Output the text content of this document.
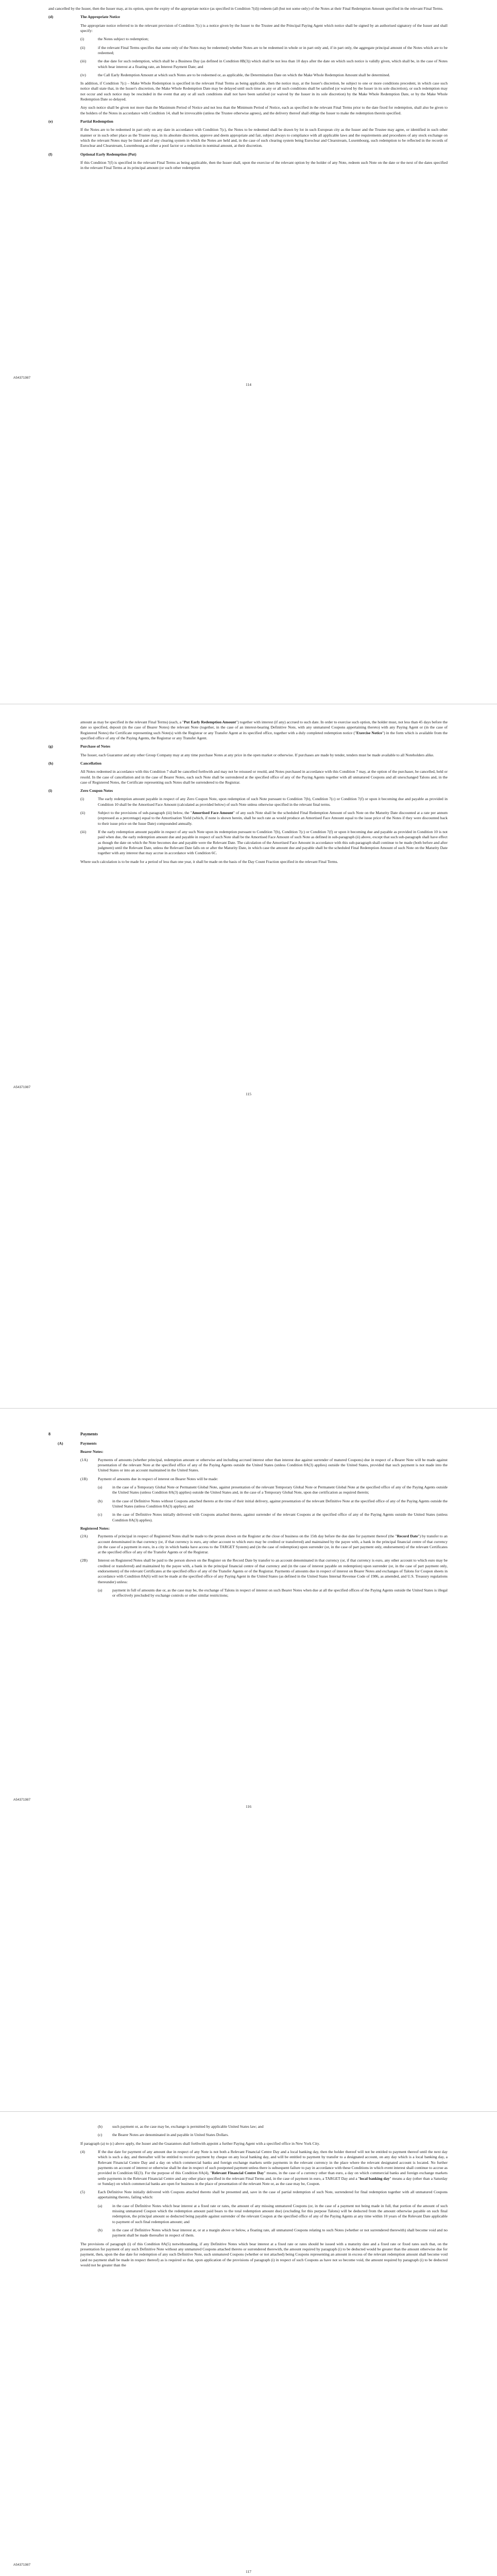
and cancelled by the Issuer, then the Issuer may, at its option, upon the expiry of the appropriate notice (as specified in Condition 7(d)) redeem (all (but not some only) of the Notes at their Final Redemption Amount specified in the relevant Final Terms.

(d)	The Appropriate Notice

The appropriate notice referred to in the relevant provision of Condition 7(c) is a notice given by the Issuer to the Trustee and the Principal Paying Agent which notice shall be signed by an authorised signatory of the Issuer and shall specify:

(i)	the Notes subject to redemption;
(ii)	if the relevant Final Terms specifies that some only of the Notes may be redeemed) whether Notes are to be redeemed in whole or in part only and, if in part only, the aggregate principal amount of the Notes which are to be redeemed;
(iii)	the due date for such redemption, which shall be a Business Day (as defined in Condition 8B(3)) which shall be not less than 10 days after the date on which such notice is validly given, which shall be, in the case of Notes which bear interest at a floating rate, an Interest Payment Date; and
(iv)	the Call Early Redemption Amount at which such Notes are to be redeemed or, as applicable, the Determination Date on which the Make Whole Redemption Amount shall be determined.

In addition, if Condition 7(c) – Make Whole Redemption is specified in the relevant Final Terms as being applicable, then the notice may, at the Issuer's discretion, be subject to one or more conditions precedent, in which case such notice shall state that, in the Issuer's discretion, the Make Whole Redemption Date may be delayed until such time as any or all such conditions shall be satisfied (or waived by the Issuer in its sole discretion), or such redemption may not occur and such notice may be rescinded in the event that any or all such conditions shall not have been satisfied (or waived by the Issuer in its sole discretion) by the Make Whole Redemption Date, or by the Make Whole Redemption Date so delayed.

Any such notice shall be given not more than the Maximum Period of Notice and not less than the Minimum Period of Notice, each as specified in the relevant Final Terms prior to the date fixed for redemption, shall also be given to the holders of the Notes in accordance with Condition 14, shall be irrevocable (unless the Trustee otherwise agrees), and the delivery thereof shall oblige the Issuer to make the redemption therein specified.

(e)	Partial Redemption

If the Notes are to be redeemed in part only on any date in accordance with Condition 7(c), the Notes to be redeemed shall be drawn by lot in such European city as the Issuer and the Trustee may agree, or identified in such other manner or in such other place as the Trustee may, in its absolute discretion, approve and deem appropriate and fair, subject always to compliance with all applicable laws and the requirements and procedures of any stock exchange on which the relevant Notes may be listed and of any clearing system in which the Notes are held and, in the case of such clearing system being Euroclear and Clearstream, Luxembourg, such redemption to be reflected in the records of Euroclear and Clearstream, Luxembourg as either a pool factor or a reduction in nominal amount, at their discretion.

(f)	Optional Early Redemption (Put)

If this Condition 7(f) is specified in the relevant Final Terms as being applicable, then the Issuer shall, upon the exercise of the relevant option by the holder of any Note, redeem such Note on the date or the next of the dates specified in the relevant Final Terms at its principal amount (or such other redemption

A54371987
114

amount as may be specified in the relevant Final Terms) (each, a "Put Early Redemption Amount") together with interest (if any) accrued to such date. In order to exercise such option, the holder must, not less than 45 days before the date so specified, deposit (in the case of Bearer Notes) the relevant Note (together, in the case of an interest-bearing Definitive Note, with any unmatured Coupons appertaining thereto) with any Paying Agent or (in the case of Registered Notes) the Certificate representing such Note(s) with the Registrar or any Transfer Agent at its specified office, together with a duly completed redemption notice ("Exercise Notice") in the form which is available from the specified office of any of the Paying Agents, the Registrar or any Transfer Agent.

(g)	Purchase of Notes

The Issuer, each Guarantor and any other Group Company may at any time purchase Notes at any price in the open market or otherwise. If purchases are made by tender, tenders must be made available to all Noteholders alike.

(h)	Cancellation

All Notes redeemed in accordance with this Condition 7 shall be cancelled forthwith and may not be reissued or resold, and Notes purchased in accordance with this Condition 7 may, at the option of the purchaser, be cancelled, held or resold. In the case of cancellation and in the case of Bearer Notes, each such Note shall be surrendered at the specified office of any of the Paying Agents together with all unmatured Coupons and all unexchanged Talons and, in the case of Registered Notes, the Certificate representing such Notes shall be surrendered to the Registrar.

(i)	Zero Coupon Notes
(i)	The early redemption amount payable in respect of any Zero Coupon Note, upon redemption of such Note pursuant to Condition 7(b), Condition 7(c) or Condition 7(f) or upon it becoming due and payable as provided in Condition 10 shall be the Amortised Face Amount (calculated as provided below) of such Note unless otherwise specified in the relevant final terms.
(ii)	Subject to the provisions of sub-paragraph (iii) below, the "Amortised Face Amount" of any such Note shall be the scheduled Final Redemption Amount of such Note on the Maturity Date discounted at a rate per annum (expressed as a percentage) equal to the Amortisation Yield (which, if none is shown herein, shall be such rate as would produce an Amortised Face Amount equal to the issue price of the Notes if they were discounted back to their issue price on the Issue Date) compounded annually.
(iii)	If the early redemption amount payable in respect of any such Note upon its redemption pursuant to Condition 7(b), Condition 7(c) or Condition 7(f) or upon it becoming due and payable as provided in Condition 10 is not paid when due, the early redemption amount due and payable in respect of such Note shall be the Amortised Face Amount of such Note as defined in sub-paragraph (ii) above, except that such sub-paragraph shall have effect as though the date on which the Note becomes due and payable were the Relevant Date. The calculation of the Amortised Face Amount in accordance with this sub-paragraph shall continue to be made (both before and after judgment) until the Relevant Date, unless the Relevant Date falls on or after the Maturity Date, in which case the amount due and payable shall be the scheduled Final Redemption Amount of such Note on the Maturity Date together with any interest that may accrue in accordance with Condition 6C.

Where such calculation is to be made for a period of less than one year, it shall be made on the basis of the Day Count Fraction specified in the relevant Final Terms.

A54371987
115
8	Payments
(A)	Payments
Bearer Notes:
(1A)	Payments of amounts (whether principal, redemption amount or otherwise and including accrued interest other than interest due against surrender of matured Coupons) due in respect of a Bearer Note will be made against presentation of the relevant Note at the specified office of any of the Paying Agents outside the United States (unless Condition 8A(3) applies) outside the United States, provided that such payment is not made into the United States or into an account maintained in the United States.
(1B)	Payment of amounts due in respect of interest on Bearer Notes will be made:
(a)	in the case of a Temporary Global Note or Permanent Global Note, against presentation of the relevant Temporary Global Note or Permanent Global Note at the specified office of any of the Paying Agents outside the United States (unless Condition 8A(3) applies) outside the United States and, in the case of a Temporary Global Note, upon due certification as required therein;
(b)	in the case of Definitive Notes without Coupons attached thereto at the time of their initial delivery, against presentation of the relevant Definitive Note at the specified office of any of the Paying Agents outside the United States (unless Condition 8A(3) applies); and
(c)	in the case of Definitive Notes initially delivered with Coupons attached thereto, against surrender of the relevant Coupons at the specified office of any of the Paying Agents outside the United States (unless Condition 8A(3) applies).
Registered Notes:
(2A)	Payments of principal in respect of Registered Notes shall be made to the person shown on the Register at the close of business on the 15th day before the due date for payment thereof (the "Record Date") by transfer to an account denominated in that currency (or, if that currency is euro, any other account to which euro may be credited or transferred) and maintained by the payee with, a bank in the principal financial centre of that currency (in the case of a payment in euro, in a city in which banks have access to the TARGET System) and (in the case of redemption) upon surrender (or, in the case of part payment only, endorsement) of the relevant Certificates at the specified office of any of the Transfer Agents or of the Registrar.
(2B)	Interest on Registered Notes shall be paid to the person shown on the Register on the Record Date by transfer to an account denominated in that currency (or, if that currency is euro, any other account to which euro may be credited or transferred) and maintained by the payee with, a bank in the principal financial centre of that currency and (in the case of interest payable on redemption) upon surrender (or, in the case of part payment only, endorsement) of the relevant Certificates at the specified office of any of the Transfer Agents or of the Registrar. Payments of amounts due in respect of interest on Bearer Notes and exchanges of Talons for Coupon sheets in accordance with Condition 8A(6) will not be made at the specified office of any Paying Agent in the United States (as defined in the United States Internal Revenue Code of 1986, as amended, and U.S. Treasury regulations thereunder) unless:
(a)	payment in full of amounts due or, as the case may be, the exchange of Talons in respect of interest on such Bearer Notes when due at all the specified offices of the Paying Agents outside the United States is illegal or effectively precluded by exchange controls or other similar restrictions;
A54371987
116
(b)	such payment or, as the case may be, exchange is permitted by applicable United States law; and
(c)	the Bearer Notes are denominated in and payable in United States Dollars.

If paragraph (a) to (c) above apply, the Issuer and the Guarantors shall forthwith appoint a further Paying Agent with a specified office in New York City.

(4)	If the due date for payment of any amount due in respect of any Note is not both a Relevant Financial Centre Day and a local banking day, then the holder thereof will not be entitled to payment thereof until the next day which is such a day, and thereafter will be entitled to receive payment by cheque on any local banking day, and will be entitled to payment by transfer to a designated account, on any day which is a local banking day, a Relevant Financial Centre Day and a day on which commercial banks and foreign exchange markets settle payments in the relevant currency in the place where the relevant designated account is located. No further payments on account of interest or otherwise shall be due in respect of such postponed payment unless there is subsequent failure to pay in accordance with these Conditions in which event interest shall continue to accrue as provided in Condition 6E(3). For the purpose of this Condition 8A(4), "Relevant Financial Centre Day" means, in the case of a currency other than euro, a day on which commercial banks and foreign exchange markets settle payments in the Relevant Financial Centre and any other place specified in the relevant Final Terms and, in the case of payment in euro, a TARGET Day and a "local banking day" means a day (other than a Saturday or Sunday) on which commercial banks are open for business in the place of presentation of the relevant Note or, as the case may be, Coupon.
(5)	Each Definitive Note initially delivered with Coupons attached thereto shall be presented and, save in the case of partial redemption of such Note, surrendered for final redemption together with all unmatured Coupons appertaining thereto, failing which:
(a)	in the case of Definitive Notes which bear interest at a fixed rate or rates, the amount of any missing unmatured Coupons (or, in the case of a payment not being made in full, that portion of the amount of such missing unmatured Coupon which the redemption amount paid bears to the total redemption amount due) (excluding for this purpose Talons) will be deducted from the amount otherwise payable on such final redemption, the principal amount so deducted being payable against surrender of the relevant Coupon at the specified office of any of the Paying Agents at any time within 10 years of the Relevant Date applicable to payment of such final redemption amount; and
(b)	in the case of Definitive Notes which bear interest at, or at a margin above or below, a floating rate, all unmatured Coupons relating to such Notes (whether or not surrendered therewith) shall become void and no payment shall be made thereafter in respect of them.

The provisions of paragraph (i) of this Condition 8A(5) notwithstanding, if any Definitive Notes which bear interest at a fixed rate or rates should be issued with a maturity date and a fixed rate or fixed rates such that, on the presentation for payment of any such Definitive Note without any unmatured Coupons attached thereto or surrendered therewith, the amount required by paragraph (i) to be deducted would be greater than the amount otherwise due for payment, then, upon the due date for redemption of any such Definitive Note, such unmatured Coupons (whether or not attached) being Coupons representing an amount in excess of the relevant redemption amount shall become void (and no payment shall be made in respect thereof) as is required so that, upon application of the provisions of paragraph (i) in respect of such Coupons as have not so become void, the amount required by paragraph (i) to be deducted would not be greater than the

A54371987
117
